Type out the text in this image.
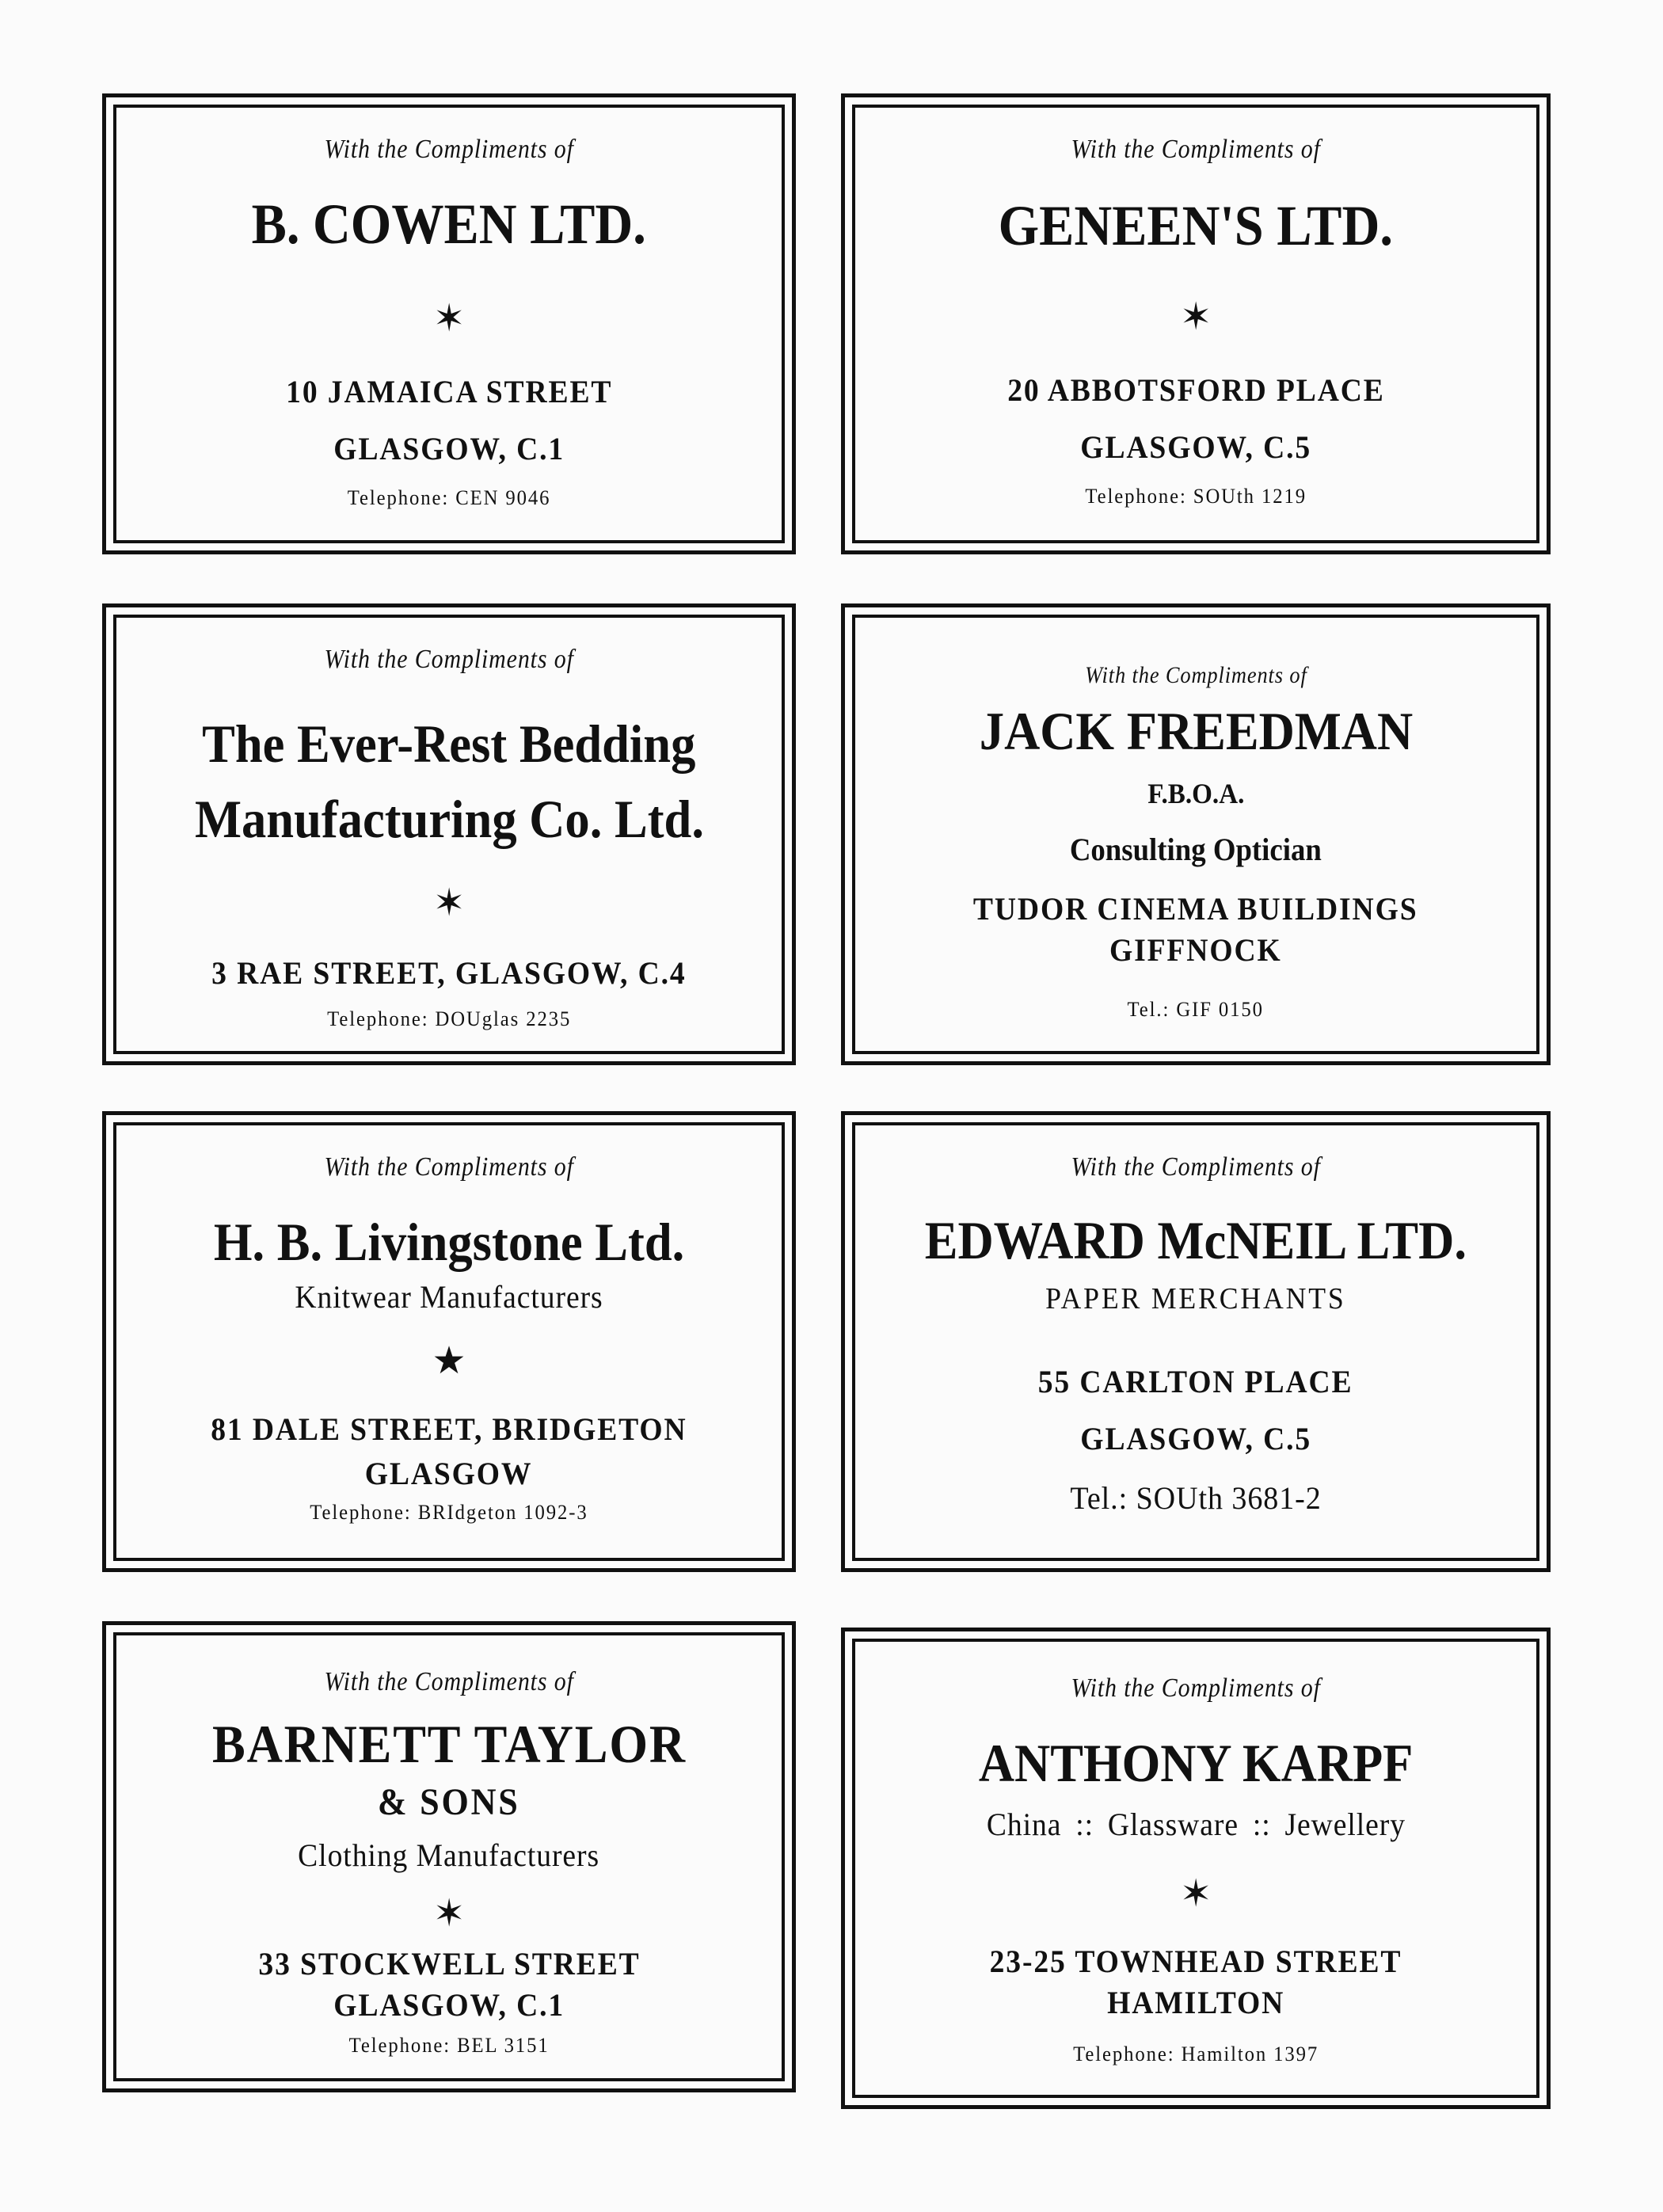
With the Compliments of
B. COWEN LTD.
✶
10 JAMAICA STREET
GLASGOW, C.1
Telephone: CEN 9046
With the Compliments of
GENEEN'S LTD.
✶
20 ABBOTSFORD PLACE
GLASGOW, C.5
Telephone: SOUth 1219
With the Compliments of
The Ever-Rest Bedding
Manufacturing Co. Ltd.
✶
3 RAE STREET, GLASGOW, C.4
Telephone: DOUglas 2235
With the Compliments of
JACK FREEDMAN
F.B.O.A.
Consulting Optician
TUDOR CINEMA BUILDINGS
GIFFNOCK
Tel.: GIF 0150
With the Compliments of
H. B. Livingstone Ltd.
Knitwear Manufacturers
★
81 DALE STREET, BRIDGETON
GLASGOW
Telephone: BRIdgeton 1092-3
With the Compliments of
EDWARD McNEIL LTD.
PAPER MERCHANTS
55 CARLTON PLACE
GLASGOW, C.5
Tel.: SOUth 3681-2
With the Compliments of
BARNETT TAYLOR
& SONS
Clothing Manufacturers
✶
33 STOCKWELL STREET
GLASGOW, C.1
Telephone: BEL 3151
With the Compliments of
ANTHONY KARPF
China :: Glassware :: Jewellery
✶
23-25 TOWNHEAD STREET
HAMILTON
Telephone: Hamilton 1397
